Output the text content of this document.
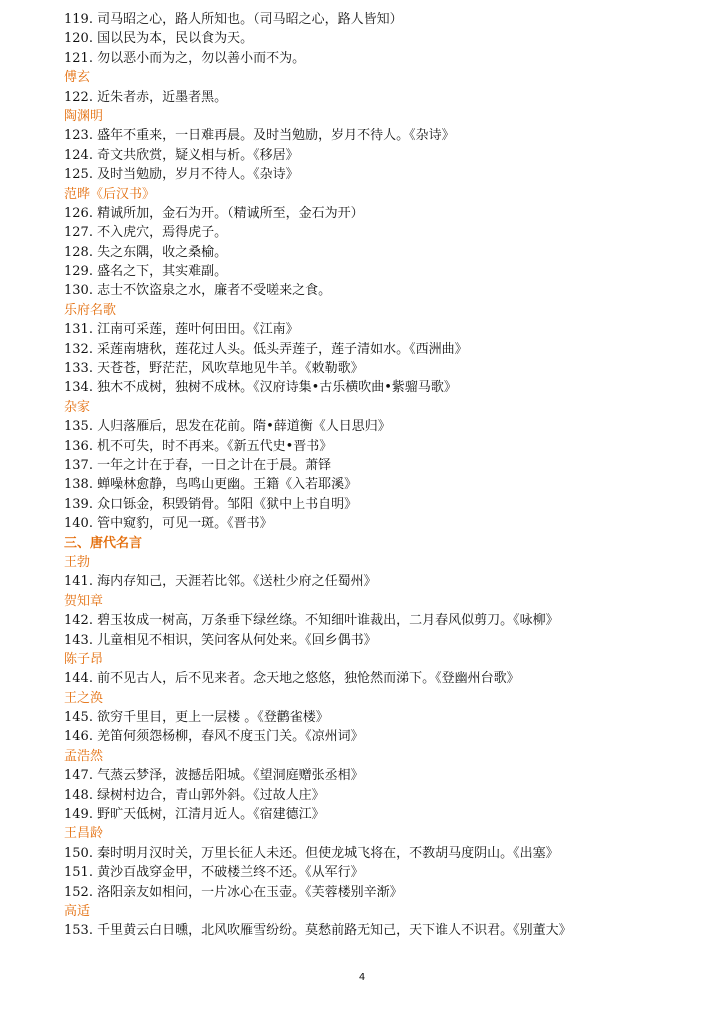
119. 司马昭之心，路人所知也。（司马昭之心，路人皆知）
120. 国以民为本，民以食为天。
121. 勿以恶小而为之，勿以善小而不为。
傅玄
122. 近朱者赤，近墨者黑。
陶渊明
123. 盛年不重来，一日难再晨。及时当勉励，岁月不待人。《杂诗》
124. 奇文共欣赏，疑义相与析。《移居》
125. 及时当勉励，岁月不待人。《杂诗》
范晔《后汉书》
126. 精诚所加，金石为开。（精诚所至，金石为开）
127. 不入虎穴，焉得虎子。
128. 失之东隅，收之桑榆。
129. 盛名之下，其实难副。
130. 志士不饮盗泉之水，廉者不受嗟来之食。
乐府名歌
131. 江南可采莲，莲叶何田田。《江南》
132. 采莲南塘秋，莲花过人头。低头弄莲子，莲子清如水。《西洲曲》
133. 天苍苍，野茫茫，风吹草地见牛羊。《敕勒歌》
134. 独木不成树，独树不成林。《汉府诗集•古乐横吹曲•紫骝马歌》
杂家
135. 人归落雁后，思发在花前。隋•薛道衡《人日思归》
136. 机不可失，时不再来。《新五代史•晋书》
137. 一年之计在于春，一日之计在于晨。萧铎
138. 蝉噪林愈静，鸟鸣山更幽。王籍《入若耶溪》
139. 众口铄金，积毁销骨。邹阳《狱中上书自明》
140. 管中窥豹，可见一斑。《晋书》
三、唐代名言
王勃
141. 海内存知己，天涯若比邻。《送杜少府之任蜀州》
贺知章
142. 碧玉妆成一树高，万条垂下绿丝绦。不知细叶谁裁出，二月春风似剪刀。《咏柳》
143. 儿童相见不相识，笑问客从何处来。《回乡偶书》
陈子昂
144. 前不见古人，后不见来者。念天地之悠悠，独怆然而涕下。《登幽州台歌》
王之涣
145. 欲穷千里目，更上一层楼 。《登鹳雀楼》
146. 羌笛何须怨杨柳，春风不度玉门关。《凉州词》
孟浩然
147. 气蒸云梦泽，波撼岳阳城。《望洞庭赠张丞相》
148. 绿树村边合，青山郭外斜。《过故人庄》
149. 野旷天低树，江清月近人。《宿建德江》
王昌龄
150. 秦时明月汉时关，万里长征人未还。但使龙城飞将在，不教胡马度阴山。《出塞》
151. 黄沙百战穿金甲，不破楼兰终不还。《从军行》
152. 洛阳亲友如相问，一片冰心在玉壶。《芙蓉楼别辛渐》
高适
153. 千里黄云白日曛，北风吹雁雪纷纷。莫愁前路无知己，天下谁人不识君。《别董大》
4
